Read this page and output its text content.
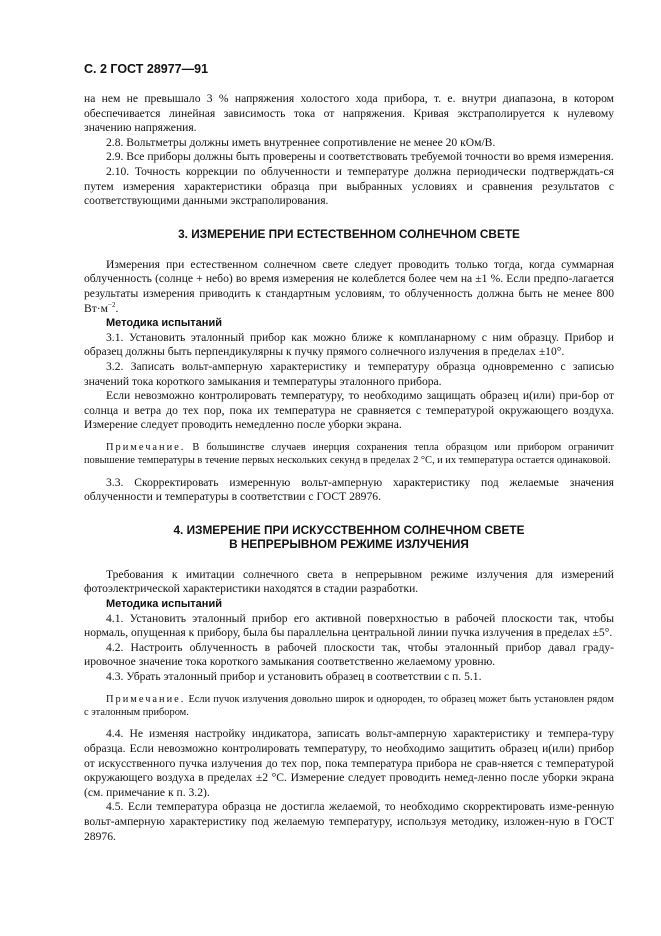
С. 2 ГОСТ 28977—91

на нем не превышало 3 % напряжения холостого хода прибора, т. е. внутри диапазона, в котором обеспечивается линейная зависимость тока от напряжения. Кривая экстраполируется к нулевому значению напряжения.

2.8. Вольтметры должны иметь внутреннее сопротивление не менее 20 кОм/В.

2.9. Все приборы должны быть проверены и соответствовать требуемой точности во время измерения.

2.10. Точность коррекции по облученности и температуре должна периодически подтверждать-ся путем измерения характеристики образца при выбранных условиях и сравнения результатов с соответствующими данными экстраполирования.

3. ИЗМЕРЕНИЕ ПРИ ЕСТЕСТВЕННОМ СОЛНЕЧНОМ СВЕТЕ

Измерения при естественном солнечном свете следует проводить только тогда, когда суммарная облученность (солнце + небо) во время измерения не колеблется более чем на ±1 %. Если предпо-лагается результаты измерения приводить к стандартным условиям, то облученность должна быть не менее 800 $Вт\cdot м^{-2}$.

Методика испытаний

3.1. Установить эталонный прибор как можно ближе к компланарному с ним образцу. Прибор и образец должны быть перпендикулярны к пучку прямого солнечного излучения в пределах ±10°.

3.2. Записать вольт-амперную характеристику и температуру образца одновременно с записью значений тока короткого замыкания и температуры эталонного прибора.

Если невозможно контролировать температуру, то необходимо защищать образец и(или) при-бор от солнца и ветра до тех пор, пока их температура не сравняется с температурой окружающего воздуха. Измерение следует проводить немедленно после уборки экрана.

Примечание. В большинстве случаев инерция сохранения тепла образцом или прибором ограничит повышение температуры в течение первых нескольких секунд в пределах 2 °С, и их температура остается одинаковой.

3.3. Скорректировать измеренную вольт-амперную характеристику под желаемые значения облученности и температуры в соответствии с ГОСТ 28976.

4. ИЗМЕРЕНИЕ ПРИ ИСКУССТВЕННОМ СОЛНЕЧНОМ СВЕТЕ
В НЕПРЕРЫВНОМ РЕЖИМЕ ИЗЛУЧЕНИЯ

Требования к имитации солнечного света в непрерывном режиме излучения для измерений фотоэлектрической характеристики находятся в стадии разработки.

Методика испытаний

4.1. Установить эталонный прибор его активной поверхностью в рабочей плоскости так, чтобы нормаль, опущенная к прибору, была бы параллельна центральной линии пучка излучения в пределах ±5°.

4.2. Настроить облученность в рабочей плоскости так, чтобы эталонный прибор давал граду-ировочное значение тока короткого замыкания соответственно желаемому уровню.

4.3. Убрать эталонный прибор и установить образец в соответствии с п. 5.1.

Примечание. Если пучок излучения довольно широк и однороден, то образец может быть установлен рядом с эталонным прибором.

4.4. Не изменяя настройку индикатора, записать вольт-амперную характеристику и темпера-туру образца. Если невозможно контролировать температуру, то необходимо защитить образец и(или) прибор от искусственного пучка излучения до тех пор, пока температура прибора не срав-няется с температурой окружающего воздуха в пределах ±2 °С. Измерение следует проводить немед-ленно после уборки экрана (см. примечание к п. 3.2).

4.5. Если температура образца не достигла желаемой, то необходимо скорректировать изме-ренную вольт-амперную характеристику под желаемую температуру, используя методику, изложен-ную в ГОСТ 28976.
